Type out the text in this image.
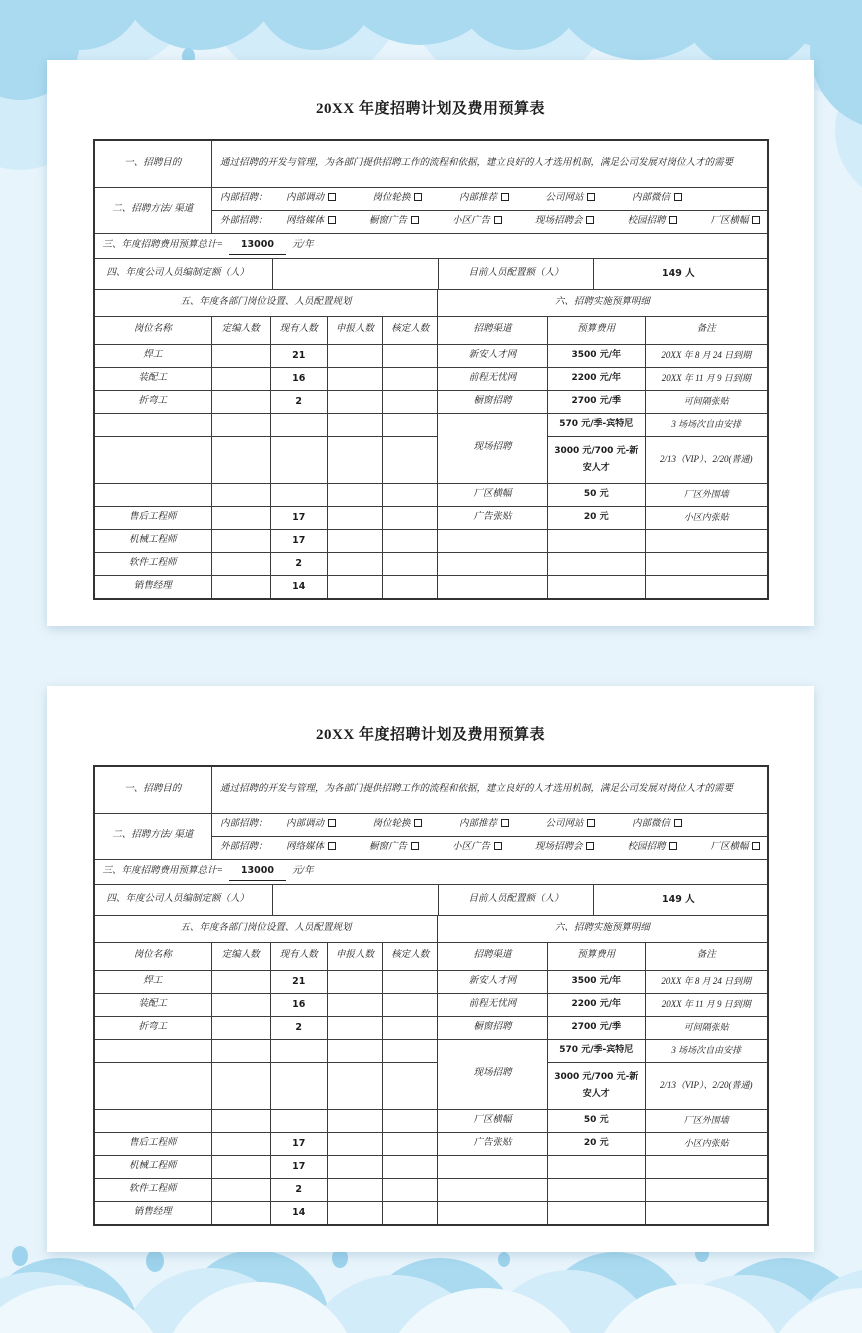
20XX 年度招聘计划及费用预算表
一、招聘目的	通过招聘的开发与管理，为各部门提供招聘工作的流程和依据，建立良好的人才选用机制，满足公司发展对岗位人才的需要						
二、招聘方法/ 渠道	
内部招聘：	内部调动	岗位轮换	内部推荐	公司网站	内部微信

外部招聘：	网络媒体	橱窗广告	小区广告	现场招聘会	校园招聘	厂区横幅

三、年度招聘费用预算总计= 13000 元/年							

四、年度公司人员编制定额（人） 目前人员配置额（人） 149 人							

五、年度各部门岗位设置、人员配置规划					六、招聘实施预算明细		
岗位名称	定编人数	现有人数	申报人数	核定人数	招聘渠道	预算费用	备注
焊工		21			新安人才网	3500 元/年	20XX 年 8 月 24 日到期
装配工		16			前程无忧网	2200 元/年	20XX 年 11 月 9 日到期
折弯工		2			橱窗招聘	2700 元/季	可间隔张贴
					现场招聘	570 元/季-宾特尼	3 场场次自由安排
						3000 元/700 元-新安人才	2/13（VIP）、2/20(普通)
					厂区横幅	50 元	厂区外围墙
售后工程师		17			广告张贴	20 元	小区内张贴
机械工程师		17					
软件工程师		2					
销售经理		14					
20XX 年度招聘计划及费用预算表
一、招聘目的	通过招聘的开发与管理，为各部门提供招聘工作的流程和依据，建立良好的人才选用机制，满足公司发展对岗位人才的需要						
二、招聘方法/ 渠道	
内部招聘：	内部调动	岗位轮换	内部推荐	公司网站	内部微信

外部招聘：	网络媒体	橱窗广告	小区广告	现场招聘会	校园招聘	厂区横幅

三、年度招聘费用预算总计= 13000 元/年							

四、年度公司人员编制定额（人） 目前人员配置额（人） 149 人							

五、年度各部门岗位设置、人员配置规划					六、招聘实施预算明细		
岗位名称	定编人数	现有人数	申报人数	核定人数	招聘渠道	预算费用	备注
焊工		21			新安人才网	3500 元/年	20XX 年 8 月 24 日到期
装配工		16			前程无忧网	2200 元/年	20XX 年 11 月 9 日到期
折弯工		2			橱窗招聘	2700 元/季	可间隔张贴
					现场招聘	570 元/季-宾特尼	3 场场次自由安排
						3000 元/700 元-新安人才	2/13（VIP）、2/20(普通)
					厂区横幅	50 元	厂区外围墙
售后工程师		17			广告张贴	20 元	小区内张贴
机械工程师		17					
软件工程师		2					
销售经理		14					
